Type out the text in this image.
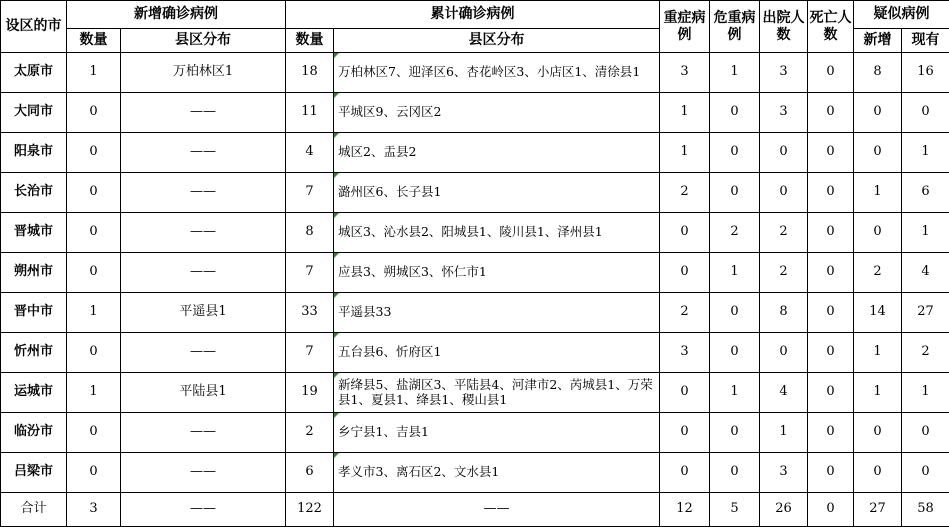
设区的市	新增确诊病例		累计确诊病例		重症病例	危重病例	出院人数	死亡人数	疑似病例	
	数量	县区分布	数量	县区分布					新增	现有
太原市	1	万柏林区1	18	万柏林区7、迎泽区6、杏花岭区3、小店区1、清徐县1	3	1	3	0	8	16
大同市	0	——	11	平城区9、云冈区2	1	0	3	0	0	0
阳泉市	0	——	4	城区2、盂县2	1	0	0	0	0	1
长治市	0	——	7	潞州区6、长子县1	2	0	0	0	1	6
晋城市	0	——	8	城区3、沁水县2、阳城县1、陵川县1、泽州县1	0	2	2	0	0	1
朔州市	0	——	7	应县3、朔城区3、怀仁市1	0	1	2	0	2	4
晋中市	1	平遥县1	33	平遥县33	2	0	8	0	14	27
忻州市	0	——	7	五台县6、忻府区1	3	0	0	0	1	2
运城市	1	平陆县1	19	新绛县5、盐湖区3、平陆县4、河津市2、芮城县1、万荣县1、夏县1、绛县1、稷山县1	0	1	4	0	1	1
临汾市	0	——	2	乡宁县1、吉县1	0	0	1	0	0	0
吕梁市	0	——	6	孝义市3、离石区2、文水县1	0	0	3	0	0	0
合计	3	——	122	——	12	5	26	0	27	58
